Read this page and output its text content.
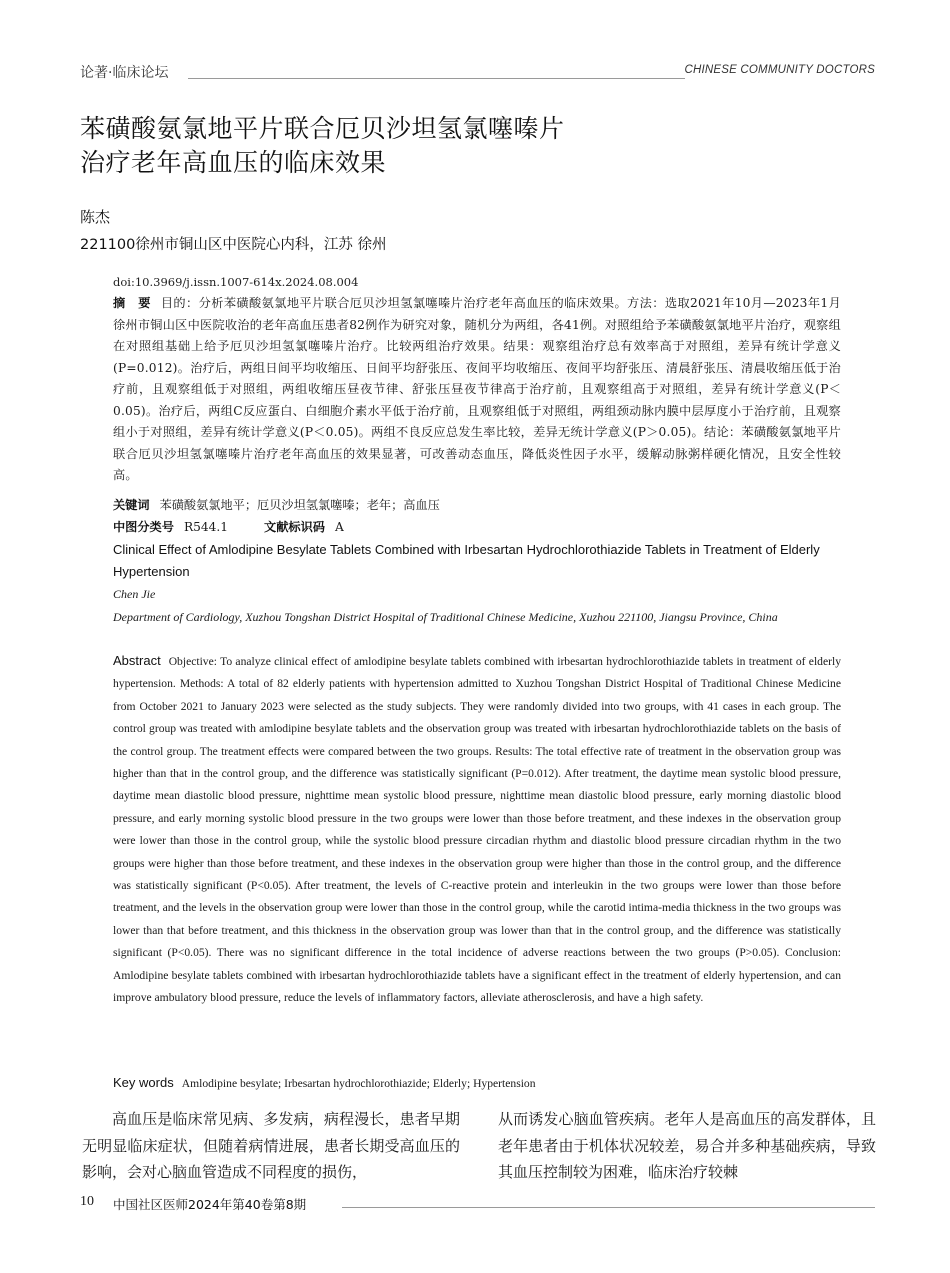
论著·临床论坛	CHINESE COMMUNITY DOCTORS
苯磺酸氨氯地平片联合厄贝沙坦氢氯噻嗪片
治疗老年高血压的临床效果
陈杰
221100徐州市铜山区中医院心内科，江苏 徐州
doi:10.3969/j.issn.1007-614x.2024.08.004
摘　要 目的：分析苯磺酸氨氯地平片联合厄贝沙坦氢氯噻嗪片治疗老年高血压的临床效果。方法：选取2021年10月—2023年1月徐州市铜山区中医院收治的老年高血压患者82例作为研究对象，随机分为两组，各41例。对照组给予苯磺酸氨氯地平片治疗，观察组在对照组基础上给予厄贝沙坦氢氯噻嗪片治疗。比较两组治疗效果。结果：观察组治疗总有效率高于对照组，差异有统计学意义(P=0.012)。治疗后，两组日间平均收缩压、日间平均舒张压、夜间平均收缩压、夜间平均舒张压、清晨舒张压、清晨收缩压低于治疗前，且观察组低于对照组，两组收缩压昼夜节律、舒张压昼夜节律高于治疗前，且观察组高于对照组，差异有统计学意义(P＜0.05)。治疗后，两组C反应蛋白、白细胞介素水平低于治疗前，且观察组低于对照组，两组颈动脉内膜中层厚度小于治疗前，且观察组小于对照组，差异有统计学意义(P＜0.05)。两组不良反应总发生率比较，差异无统计学意义(P＞0.05)。结论：苯磺酸氨氯地平片联合厄贝沙坦氢氯噻嗪片治疗老年高血压的效果显著，可改善动态血压，降低炎性因子水平，缓解动脉粥样硬化情况，且安全性较高。
关键词 苯磺酸氨氯地平；厄贝沙坦氢氯噻嗪；老年；高血压
中图分类号 R544.1	文献标识码 A
Clinical Effect of Amlodipine Besylate Tablets Combined with Irbesartan Hydrochlorothiazide Tablets in Treatment of Elderly Hypertension
Chen Jie
Department of Cardiology, Xuzhou Tongshan District Hospital of Traditional Chinese Medicine, Xuzhou 221100, Jiangsu Province, China
Abstract Objective: To analyze clinical effect of amlodipine besylate tablets combined with irbesartan hydrochlorothiazide tablets in treatment of elderly hypertension. Methods: A total of 82 elderly patients with hypertension admitted to Xuzhou Tongshan District Hospital of Traditional Chinese Medicine from October 2021 to January 2023 were selected as the study subjects. They were randomly divided into two groups, with 41 cases in each group. The control group was treated with amlodipine besylate tablets and the observation group was treated with irbesartan hydrochlorothiazide tablets on the basis of the control group. The treatment effects were compared between the two groups. Results: The total effective rate of treatment in the observation group was higher than that in the control group, and the difference was statistically significant (P=0.012). After treatment, the daytime mean systolic blood pressure, daytime mean diastolic blood pressure, nighttime mean systolic blood pressure, nighttime mean diastolic blood pressure, early morning diastolic blood pressure, and early morning systolic blood pressure in the two groups were lower than those before treatment, and these indexes in the observation group were lower than those in the control group, while the systolic blood pressure circadian rhythm and diastolic blood pressure circadian rhythm in the two groups were higher than those before treatment, and these indexes in the observation group were higher than those in the control group, and the difference was statistically significant (P<0.05). After treatment, the levels of C-reactive protein and interleukin in the two groups were lower than those before treatment, and the levels in the observation group were lower than those in the control group, while the carotid intima-media thickness in the two groups was lower than that before treatment, and this thickness in the observation group was lower than that in the control group, and the difference was statistically significant (P<0.05). There was no significant difference in the total incidence of adverse reactions between the two groups (P>0.05). Conclusion: Amlodipine besylate tablets combined with irbesartan hydrochlorothiazide tablets have a significant effect in the treatment of elderly hypertension, and can improve ambulatory blood pressure, reduce the levels of inflammatory factors, alleviate atherosclerosis, and have a high safety.
Key words Amlodipine besylate; Irbesartan hydrochlorothiazide; Elderly; Hypertension
高血压是临床常见病、多发病，病程漫长，患者早期无明显临床症状，但随着病情进展，患者长期受高血压的影响，会对心脑血管造成不同程度的损伤，
从而诱发心脑血管疾病。老年人是高血压的高发群体，且老年患者由于机体状况较差，易合并多种基础疾病，导致其血压控制较为困难，临床治疗较棘
10 中国社区医师2024年第40卷第8期
